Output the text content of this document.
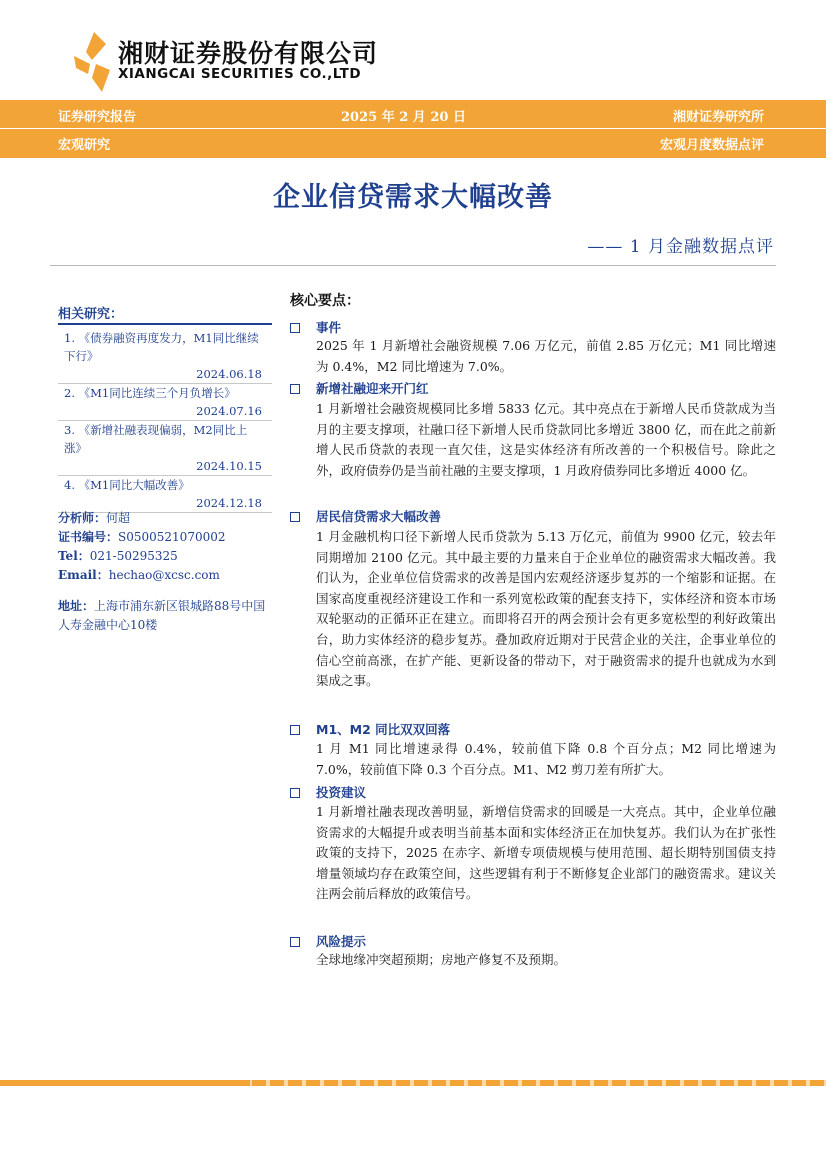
湘财证券股份有限公司
XIANGCAI SECURITIES CO.,LTD
证券研究报告	2025 年 2 月 20 日	湘财证券研究所
宏观研究	宏观月度数据点评
企业信贷需求大幅改善
—— 1 月金融数据点评
相关研究：
1. 《债券融资再度发力，M1同比继续下行》
2024.06.18
2. 《M1同比连续三个月负增长》
2024.07.16
3. 《新增社融表现偏弱，M2同比上涨》
2024.10.15
4. 《M1同比大幅改善》
2024.12.18
分析师：何超
证书编号：S0500521070002
Tel：021-50295325
Email：hechao@xcsc.com
地址：上海市浦东新区银城路88号中国人寿金融中心10楼
核心要点：
事件
2025 年 1 月新增社会融资规模 7.06 万亿元，前值 2.85 万亿元；M1 同比增速为 0.4%，M2 同比增速为 7.0%。
新增社融迎来开门红
1 月新增社会融资规模同比多增 5833 亿元。其中亮点在于新增人民币贷款成为当月的主要支撑项，社融口径下新增人民币贷款同比多增近 3800 亿，而在此之前新增人民币贷款的表现一直欠佳，这是实体经济有所改善的一个积极信号。除此之外，政府债券仍是当前社融的主要支撑项，1 月政府债券同比多增近 4000 亿。
居民信贷需求大幅改善
1 月金融机构口径下新增人民币贷款为 5.13 万亿元，前值为 9900 亿元，较去年同期增加 2100 亿元。其中最主要的力量来自于企业单位的融资需求大幅改善。我们认为，企业单位信贷需求的改善是国内宏观经济逐步复苏的一个缩影和证据。在国家高度重视经济建设工作和一系列宽松政策的配套支持下，实体经济和资本市场双轮驱动的正循环正在建立。而即将召开的两会预计会有更多宽松型的利好政策出台，助力实体经济的稳步复苏。叠加政府近期对于民营企业的关注，企事业单位的信心空前高涨，在扩产能、更新设备的带动下，对于融资需求的提升也就成为水到渠成之事。
M1、M2 同比双双回落
1 月 M1 同比增速录得 0.4%，较前值下降 0.8 个百分点；M2 同比增速为 7.0%，较前值下降 0.3 个百分点。M1、M2 剪刀差有所扩大。
投资建议
1 月新增社融表现改善明显，新增信贷需求的回暖是一大亮点。其中，企业单位融资需求的大幅提升或表明当前基本面和实体经济正在加快复苏。我们认为在扩张性政策的支持下，2025 在赤字、新增专项债规模与使用范围、超长期特别国债支持增量领域均存在政策空间，这些逻辑有利于不断修复企业部门的融资需求。建议关注两会前后释放的政策信号。
风险提示
全球地缘冲突超预期；房地产修复不及预期。
